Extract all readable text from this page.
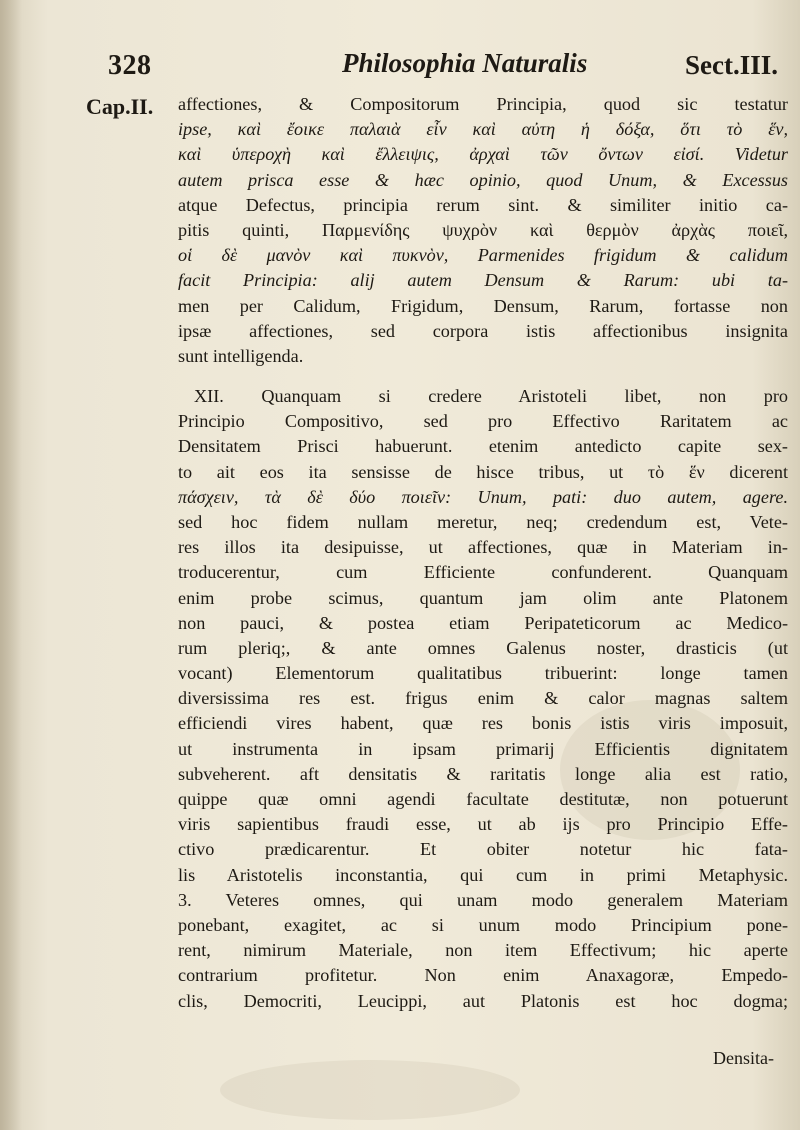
328	Philosophia Naturalis	Sect.III.
Cap.II. affectiones, & Compositorum Principia, quod sic testatur
ipse, καὶ ἔοικε παλαιὰ εἶν καὶ αὐτη ἡ δόξα, ὅτι τὸ ἕν,
καὶ ὑπεροχὴ καὶ ἔλλειψις, ἀρχαὶ τῶν ὄντων εἰσί. Videtur
autem prisca esse & hæc opinio, quod Unum, & Excessus
atque Defectus, principia rerum sint. & similiter initio ca-
pitis quinti, Παρμενίδης ψυχρὸν καὶ θερμὸν ἀρχὰς ποιεῖ,
οἱ δὲ μανὸν καὶ πυκνὸν, Parmenides frigidum & calidum
facit Principia: alij autem Densum & Rarum: ubi ta-
men per Calidum, Frigidum, Densum, Rarum, fortasse non
ipsæ affectiones, sed corpora istis affectionibus insignita
sunt intelligenda.
XII. Quanquam si credere Aristoteli libet, non pro
Principio Compositivo, sed pro Effectivo Raritatem ac
Densitatem Prisci habuerunt. etenim antedicto capite sex-
to ait eos ita sensisse de hisce tribus, ut τὸ ἕν dicerent
πάσχειν, τὰ δὲ δύο ποιεῖν: Unum, pati: duo autem, agere.
sed hoc fidem nullam meretur, neq; credendum est, Vete-
res illos ita desipuisse, ut affectiones, quæ in Materiam in-
troducerentur, cum Efficiente confunderent. Quanquam
enim probe scimus, quantum jam olim ante Platonem
non pauci, & postea etiam Peripateticorum ac Medico-
rum pleriq;, & ante omnes Galenus noster, drasticis (ut
vocant) Elementorum qualitatibus tribuerint: longe tamen
diversissima res est. frigus enim & calor magnas saltem
efficiendi vires habent, quæ res bonis istis viris imposuit,
ut instrumenta in ipsam primarij Efficientis dignitatem
subveherent. aft densitatis & raritatis longe alia est ratio,
quippe quæ omni agendi facultate destitutæ, non potuerunt
viris sapientibus fraudi esse, ut ab ijs pro Principio Effe-
ctivo prædicarentur. Et obiter notetur hic fata-
lis Aristotelis inconstantia, qui cum in primi Metaphysic.
3. Veteres omnes, qui unam modo generalem Materiam
ponebant, exagitet, ac si unum modo Principium pone-
rent, nimirum Materiale, non item Effectivum; hic aperte
contrarium profitetur. Non enim Anaxagoræ, Empedo-
clis, Democriti, Leucippi, aut Platonis est hoc dogma;
Densita-
